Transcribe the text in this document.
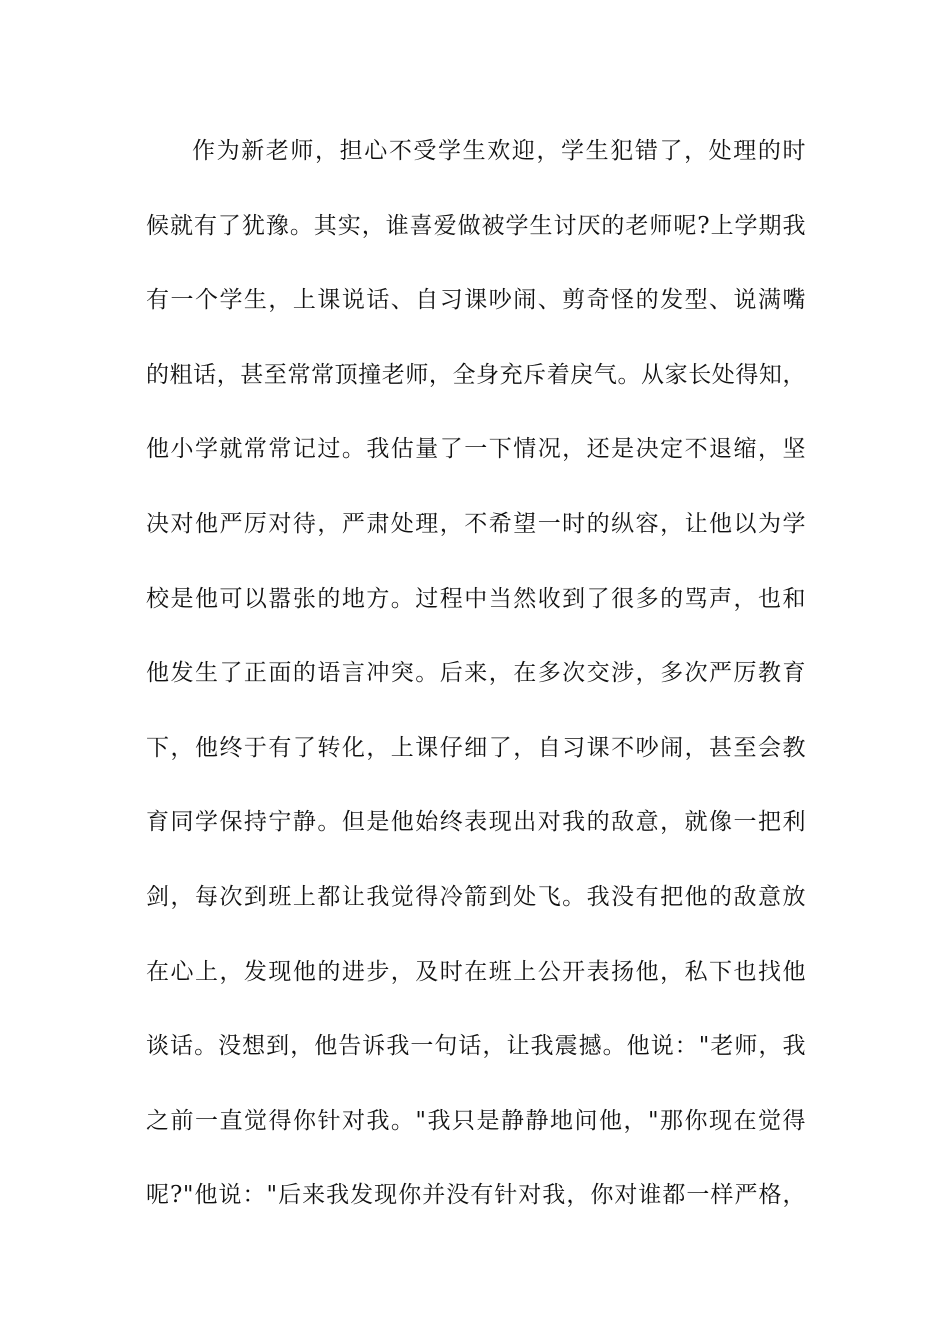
作为新老师，担心不受学生欢迎，学生犯错了，处理的时
候就有了犹豫。其实，谁喜爱做被学生讨厌的老师呢?上学期我
有一个学生，上课说话、自习课吵闹、剪奇怪的发型、说满嘴
的粗话，甚至常常顶撞老师，全身充斥着戾气。从家长处得知，
他小学就常常记过。我估量了一下情况，还是决定不退缩，坚
决对他严厉对待，严肃处理，不希望一时的纵容，让他以为学
校是他可以嚣张的地方。过程中当然收到了很多的骂声，也和
他发生了正面的语言冲突。后来，在多次交涉，多次严厉教育
下，他终于有了转化，上课仔细了，自习课不吵闹，甚至会教
育同学保持宁静。但是他始终表现出对我的敌意，就像一把利
剑，每次到班上都让我觉得冷箭到处飞。我没有把他的敌意放
在心上，发现他的进步，及时在班上公开表扬他，私下也找他
谈话。没想到，他告诉我一句话，让我震撼。他说："老师，我
之前一直觉得你针对我。"我只是静静地问他，"那你现在觉得
呢?"他说："后来我发现你并没有针对我，你对谁都一样严格，
